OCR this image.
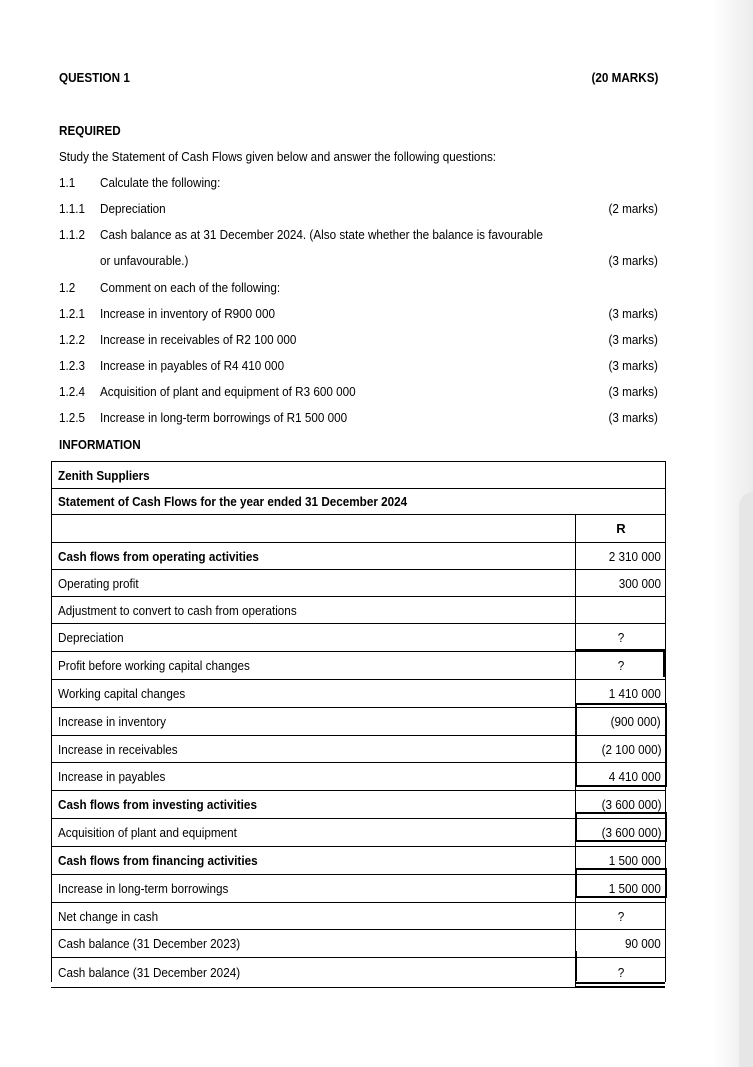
QUESTION 1	(20 MARKS)
REQUIRED
Study the Statement of Cash Flows given below and answer the following questions:
1.1 Calculate the following:
1.1.1 Depreciation	(2 marks)
1.1.2 Cash balance as at 31 December 2024. (Also state whether the balance is favourable
or unfavourable.)	(3 marks)
1.2 Comment on each of the following:
1.2.1 Increase in inventory of R900 000	(3 marks)
1.2.2 Increase in receivables of R2 100 000	(3 marks)
1.2.3 Increase in payables of R4 410 000	(3 marks)
1.2.4 Acquisition of plant and equipment of R3 600 000	(3 marks)
1.2.5 Increase in long-term borrowings of R1 500 000	(3 marks)
INFORMATION
Zenith Suppliers
Statement of Cash Flows for the year ended 31 December 2024
R
Cash flows from operating activities	2 310 000
Operating profit	300 000
Adjustment to convert to cash from operations
Depreciation	?
Profit before working capital changes	?
Working capital changes	1 410 000
Increase in inventory	(900 000)
Increase in receivables	(2 100 000)
Increase in payables	4 410 000
Cash flows from investing activities	(3 600 000)
Acquisition of plant and equipment	(3 600 000)
Cash flows from financing activities	1 500 000
Increase in long-term borrowings	1 500 000
Net change in cash	?
Cash balance (31 December 2023)	90 000
Cash balance (31 December 2024)	?
